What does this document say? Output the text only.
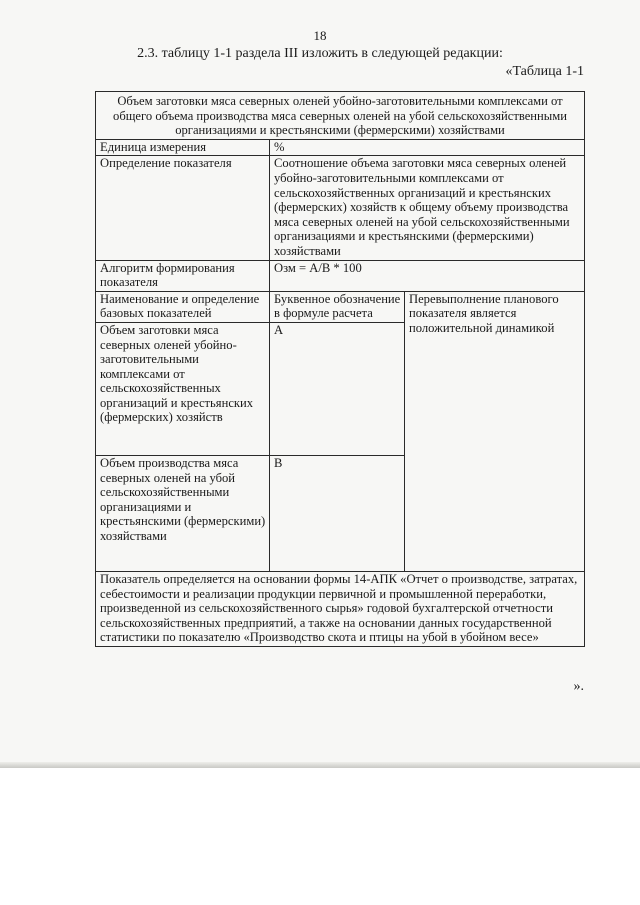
18
2.3. таблицу 1-1 раздела III изложить в следующей редакции:
«Таблица 1-1
Объем заготовки мяса северных оленей убойно-заготовительными комплексами от общего объема производства мяса северных оленей на убой сельскохозяйственными организациями и крестьянскими (фермерскими) хозяйствами		
Единица измерения	%	
Определение показателя	Соотношение объема заготовки мяса северных оленей убойно-заготовительными комплексами от сельскохозяйственных организаций и крестьянских (фермерских) хозяйств к общему объему производства мяса северных оленей на убой сельскохозяйственными организациями и крестьянскими (фермерскими) хозяйствами	
Алгоритм формирования показателя	Озм = А/В * 100	
Наименование и определение базовых показателей	Буквенное обозначение в формуле расчета	Перевыполнение планового показателя является положительной динамикой
Объем заготовки мяса северных оленей убойно-заготовительными комплексами от сельскохозяйственных организаций и крестьянских (фермерских) хозяйств	А	
Объем производства мяса северных оленей на убой сельскохозяйственными организациями и крестьянскими (фермерскими) хозяйствами	В	
Показатель определяется на основании формы 14-АПК «Отчет о производстве, затратах, себестоимости и реализации продукции первичной и промышленной переработки, произведенной из сельскохозяйственного сырья» годовой бухгалтерской отчетности сельскохозяйственных предприятий, а также на основании данных государственной статистики по показателю «Производство скота и птицы на убой в убойном весе»		
».
